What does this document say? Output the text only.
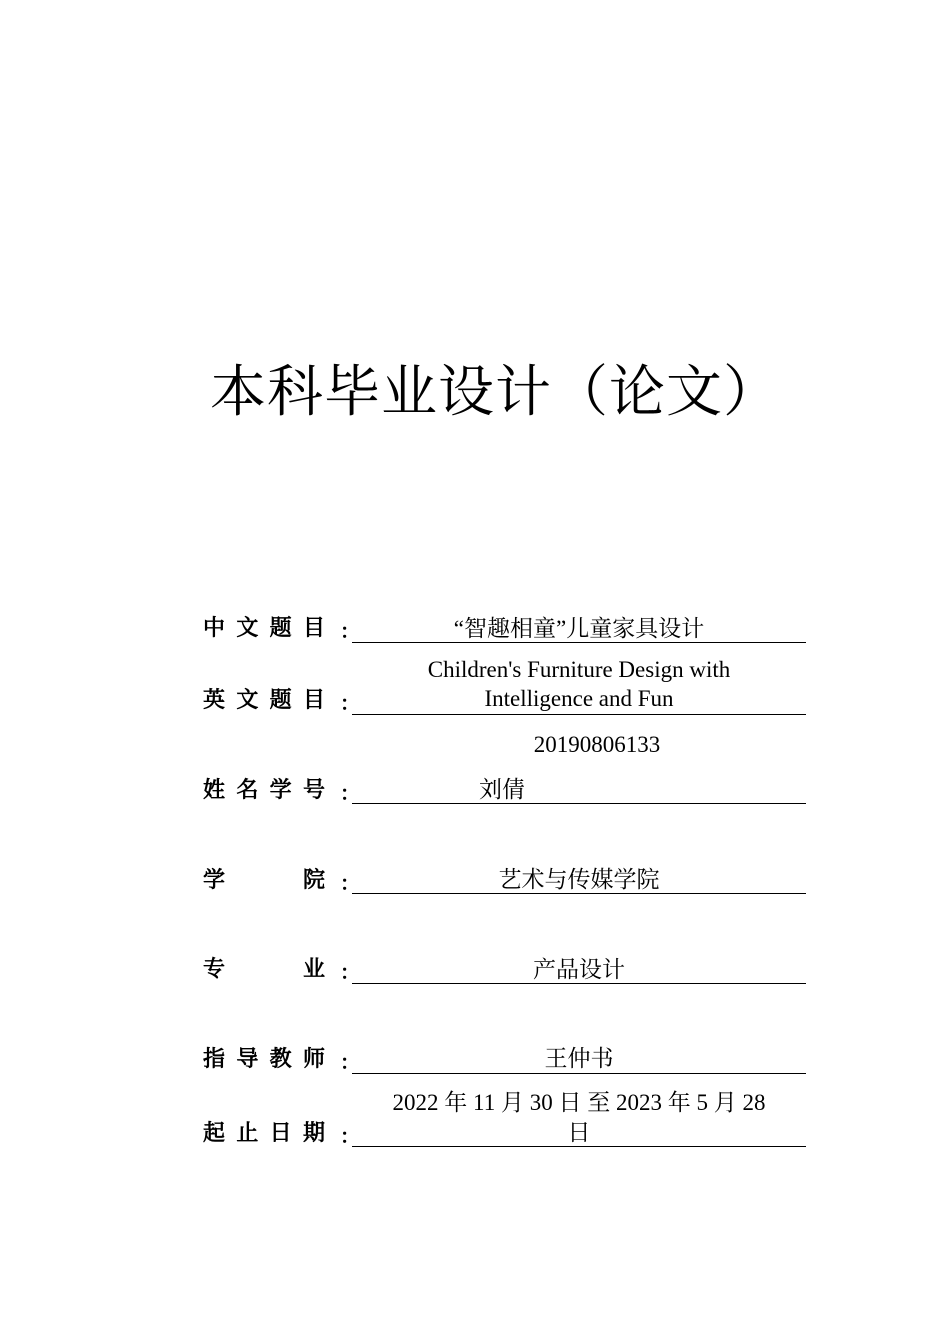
本科毕业设计（论文）
中 文 题 目 ：	“智趣相童”儿童家具设计
英 文 题 目 ：
Children's Furniture Design with
Intelligence and Fun
姓 名 学 号 ：
20190806133
刘倩
学	院 ：	艺术与传媒学院
专	业 ：	产品设计
指 导 教 师 ：	王仲书
起 止 日 期 ：
2022 年 11 月 30 日 至 2023 年 5 月 28
日
